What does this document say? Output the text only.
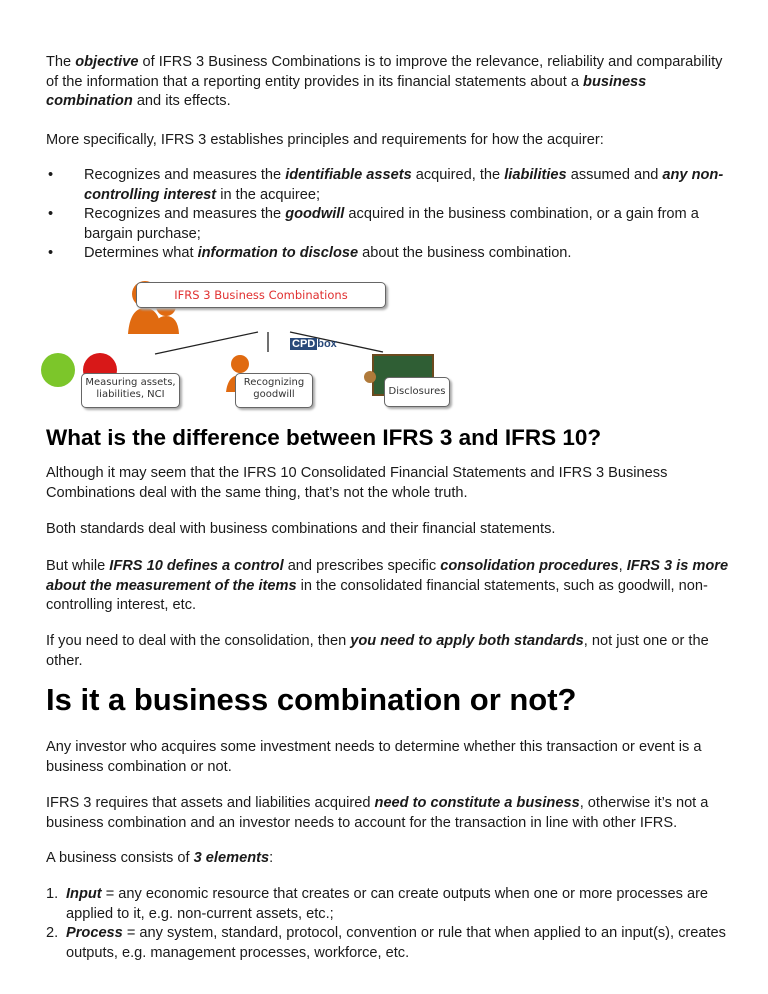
The objective of IFRS 3 Business Combinations is to improve the relevance, reliability and comparability of the information that a reporting entity provides in its financial statements about a business combination and its effects.
More specifically, IFRS 3 establishes principles and requirements for how the acquirer:
• Recognizes and measures the identifiable assets acquired, the liabilities assumed and any non-controlling interest in the acquiree;
• Recognizes and measures the goodwill acquired in the business combination, or a gain from a bargain purchase;
• Determines what information to disclose about the business combination.
IFRS 3 Business Combinations
CPD box
Measuring assets, liabilities, NCI
Recognizing goodwill	Disclosures
What is the difference between IFRS 3 and IFRS 10?
Although it may seem that the IFRS 10 Consolidated Financial Statements and IFRS 3 Business Combinations deal with the same thing, that’s not the whole truth.
Both standards deal with business combinations and their financial statements.
But while IFRS 10 defines a control and prescribes specific consolidation procedures, IFRS 3 is more about the measurement of the items in the consolidated financial statements, such as goodwill, non-controlling interest, etc.
If you need to deal with the consolidation, then you need to apply both standards, not just one or the other.
Is it a business combination or not?
Any investor who acquires some investment needs to determine whether this transaction or event is a business combination or not.
IFRS 3 requires that assets and liabilities acquired need to constitute a business, otherwise it’s not a business combination and an investor needs to account for the transaction in line with other IFRS.
A business consists of 3 elements:
1. Input = any economic resource that creates or can create outputs when one or more processes are applied to it, e.g. non-current assets, etc.;
2. Process = any system, standard, protocol, convention or rule that when applied to an input(s), creates outputs, e.g. management processes, workforce, etc.
